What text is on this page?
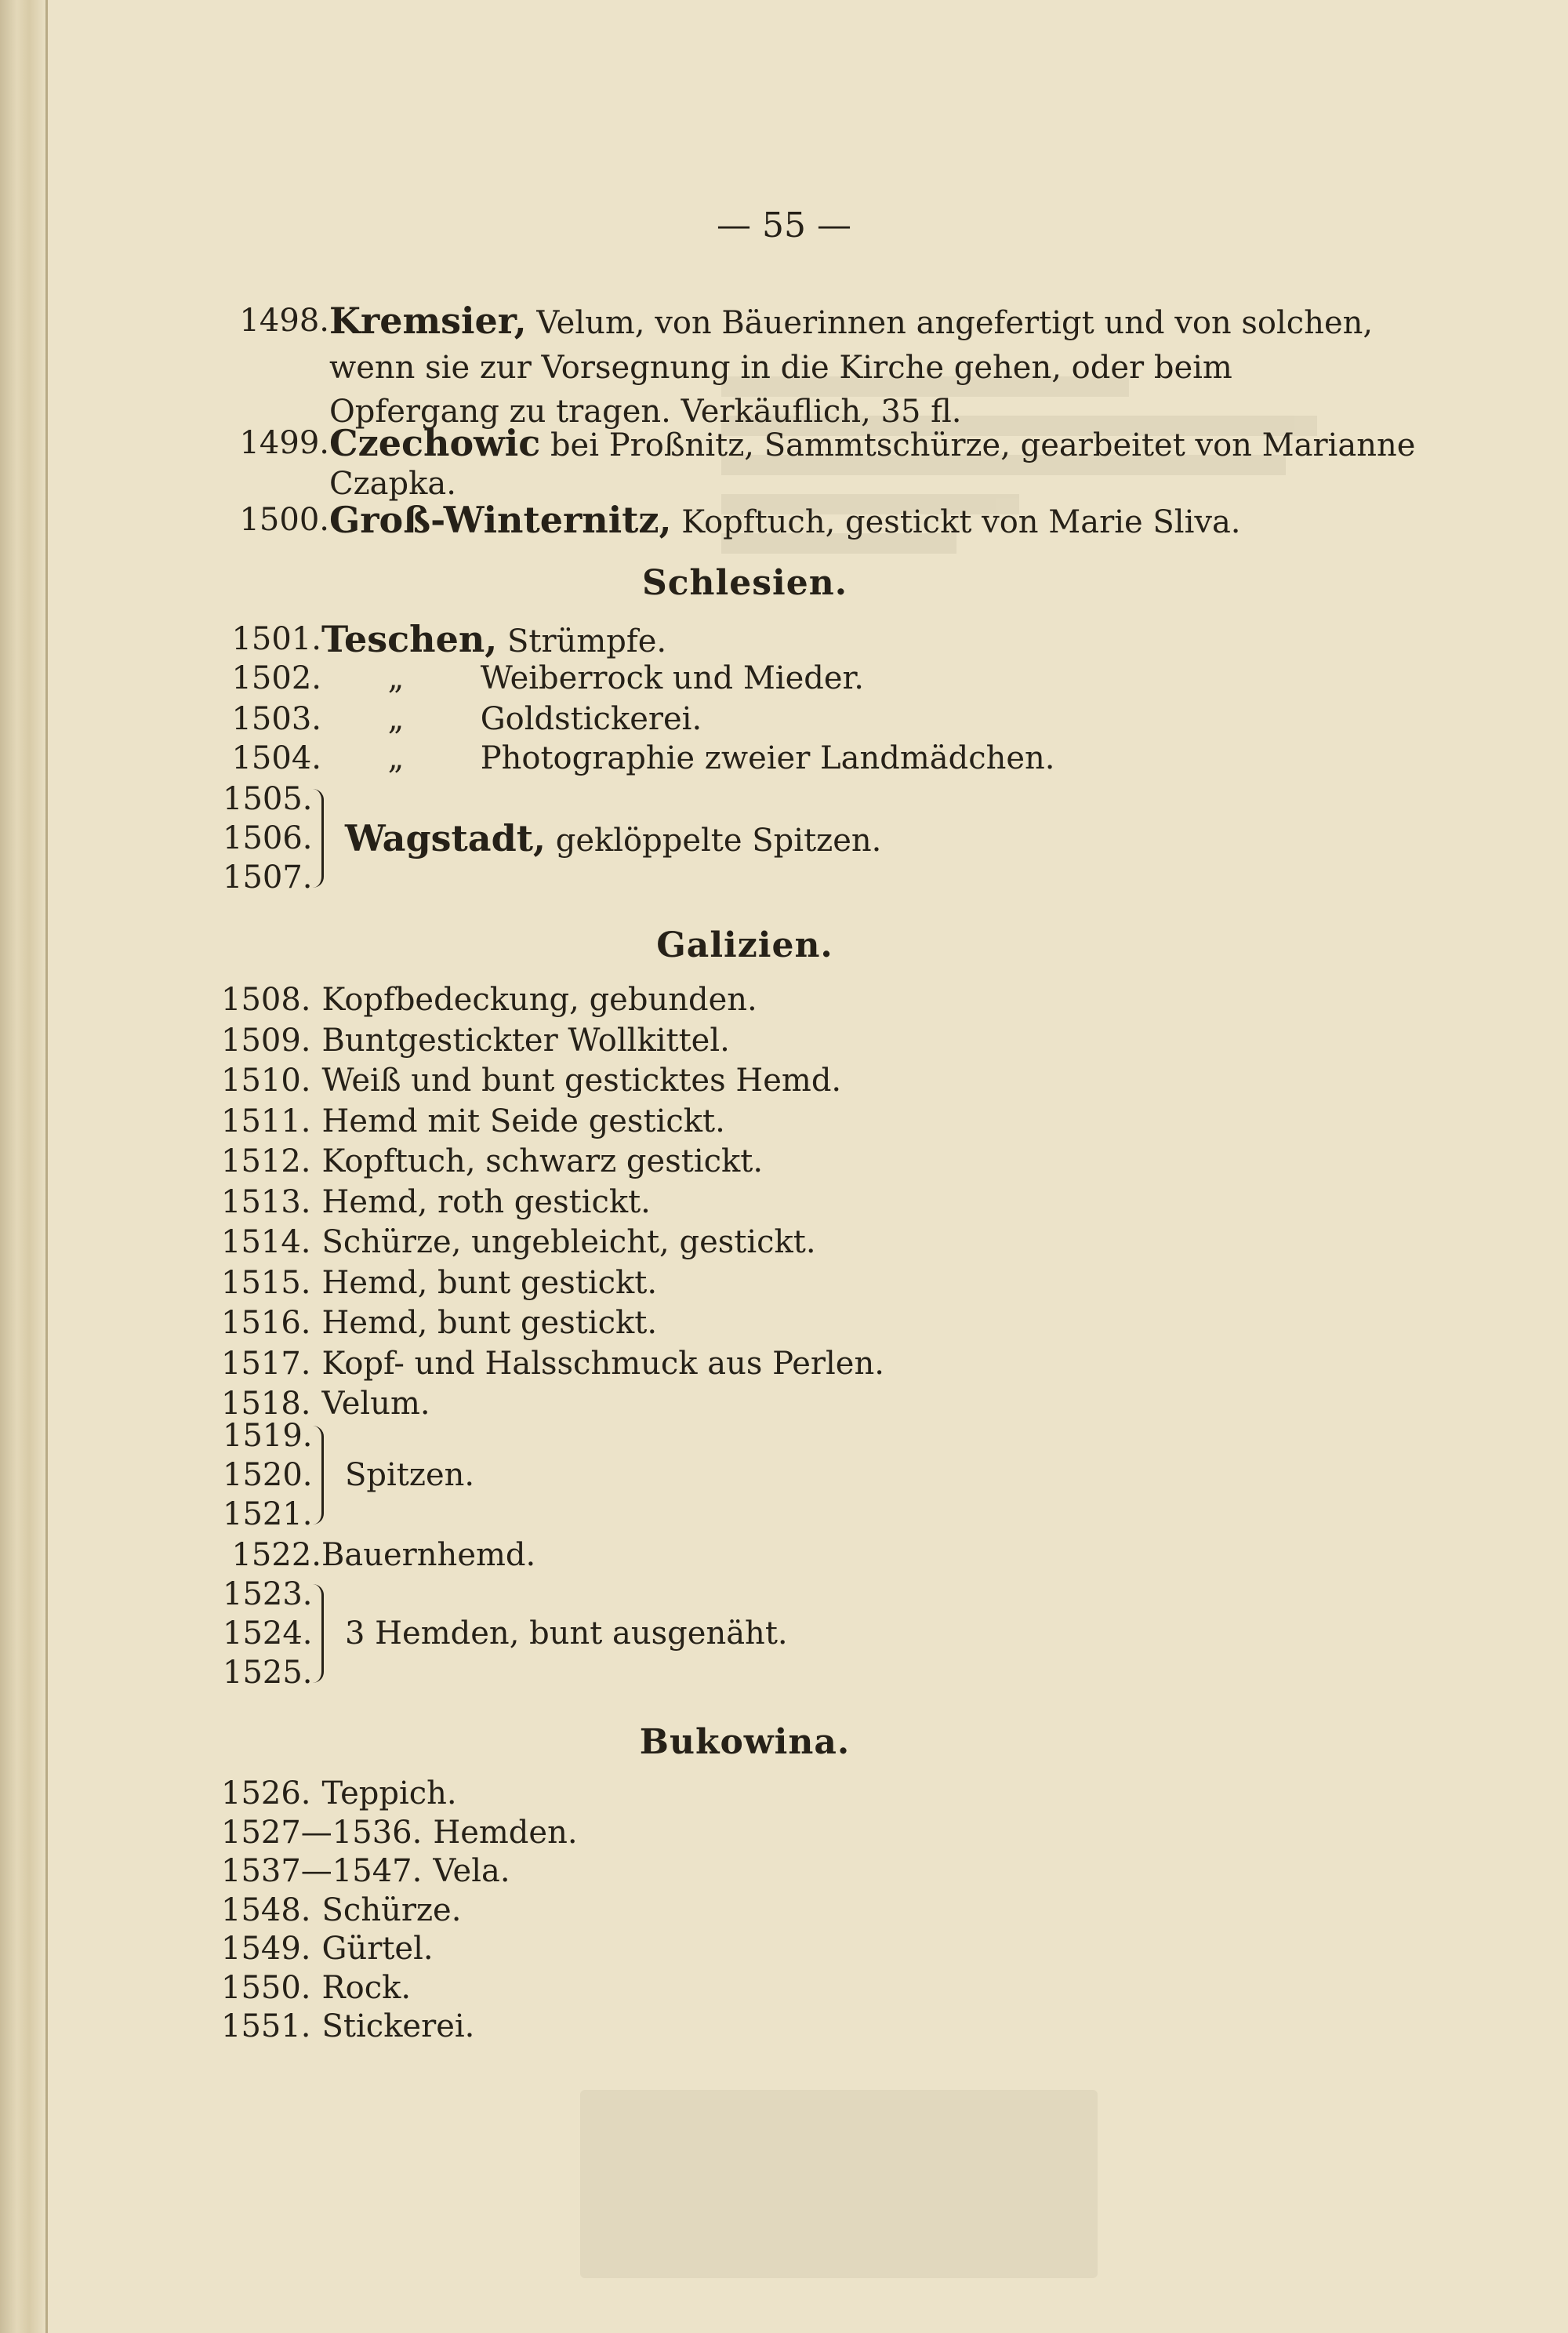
— 55 —
1498. Kremsier, Velum, von Bäuerinnen angefertigt und von solchen,
wenn sie zur Vorsegnung in die Kirche gehen, oder beim
Opfergang zu tragen. Verkäuflich, 35 fl.
1499. Czechowic bei Proßnitz, Sammtschürze, gearbeitet von Marianne
Czapka.
1500. Groß-Winternitz, Kopftuch, gestickt von Marie Sliva.
Schlesien.
1501. Teschen, Strümpfe.
1502. „ Weiberrock und Mieder.
1503. „ Goldstickerei.
1504. „ Photographie zweier Landmädchen.
1505.
1506.
1507.
Wagstadt, geklöppelte Spitzen.
Galizien.
1508. Kopfbedeckung, gebunden.
1509. Buntgestickter Wollkittel.
1510. Weiß und bunt gesticktes Hemd.
1511. Hemd mit Seide gestickt.
1512. Kopftuch, schwarz gestickt.
1513. Hemd, roth gestickt.
1514. Schürze, ungebleicht, gestickt.
1515. Hemd, bunt gestickt.
1516. Hemd, bunt gestickt.
1517. Kopf- und Halsschmuck aus Perlen.
1518. Velum.
1519.
1520.
1521.
Spitzen.
1522. Bauernhemd.
1523.
1524.
1525.
3 Hemden, bunt ausgenäht.
Bukowina.
1526. Teppich.
1527—1536. Hemden.
1537—1547. Vela.
1548. Schürze.
1549. Gürtel.
1550. Rock.
1551. Stickerei.
